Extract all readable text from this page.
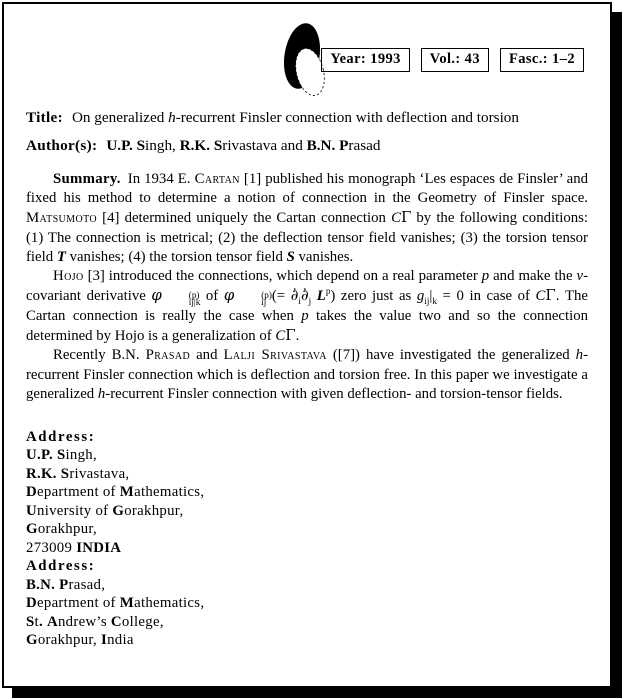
Year: 1993	Vol.: 43	Fasc.: 1–2
Title: On generalized h-recurrent Finsler connection with deflection and torsion
Author(s): U.P. Singh, R.K. Srivastava and B.N. Prasad

Summary. In 1934 E. Cartan [1] published his monograph ‘Les espaces de Finsler’ and fixed his method to determine a notion of connection in the Geometry of Finsler space. Matsumoto [4] determined uniquely the Cartan connection CΓ by the following conditions: (1) The connection is metrical; (2) the deflection tensor field vanishes; (3) the torsion tensor field T vanishes; (4) the torsion tensor field S vanishes.

Hojo [3] introduced the connections, which depend on a real parameter p and make the v-covariant derivative φ	(p)
ij|k of φ	(p)
ij (= $\partial̇_i\partial̇_j$ $L^p$) zero just as $g_{ij}|_k = 0$ in case of CΓ. The Cartan connection is really the case when p takes the value two and so the connection determined by Hojo is a generalization of CΓ.

Recently B.N. Prasad and Lalji Srivastava ([7]) have investigated the generalized h-recurrent Finsler connection which is deflection and torsion free. In this paper we investigate a generalized h-recurrent Finsler connection with given deflection- and torsion-tensor fields.

Address:
U.P. Singh,
R.K. Srivastava,
Department of Mathematics,
University of Gorakhpur,
Gorakhpur,
273009 INDIA
Address:
B.N. Prasad,
Department of Mathematics,
St. Andrew’s College,
Gorakhpur, India
